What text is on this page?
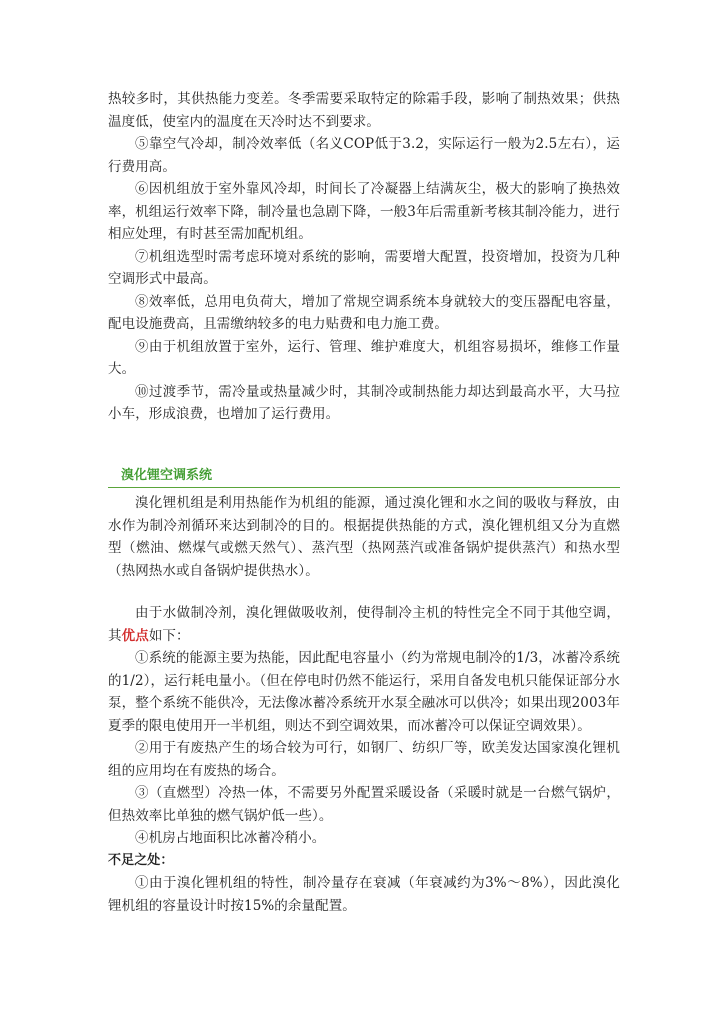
热较多时，其供热能力变差。冬季需要采取特定的除霜手段，影响了制热效果；供热温度低，使室内的温度在天冷时达不到要求。

⑤靠空气冷却，制冷效率低（名义COP低于3.2，实际运行一般为2.5左右），运行费用高。

⑥因机组放于室外靠风冷却，时间长了冷凝器上结满灰尘，极大的影响了换热效率，机组运行效率下降，制冷量也急剧下降，一般3年后需重新考核其制冷能力，进行相应处理，有时甚至需加配机组。

⑦机组选型时需考虑环境对系统的影响，需要增大配置，投资增加，投资为几种空调形式中最高。

⑧效率低，总用电负荷大，增加了常规空调系统本身就较大的变压器配电容量，配电设施费高，且需缴纳较多的电力贴费和电力施工费。

⑨由于机组放置于室外，运行、管理、维护难度大，机组容易损坏，维修工作量大。

⑩过渡季节，需冷量或热量减少时，其制冷或制热能力却达到最高水平，大马拉小车，形成浪费，也增加了运行费用。

溴化锂空调系统

溴化锂机组是利用热能作为机组的能源，通过溴化锂和水之间的吸收与释放，由水作为制冷剂循环来达到制冷的目的。根据提供热能的方式，溴化锂机组又分为直燃型（燃油、燃煤气或燃天然气）、蒸汽型（热网蒸汽或准备锅炉提供蒸汽）和热水型（热网热水或自备锅炉提供热水）。

由于水做制冷剂，溴化锂做吸收剂，使得制冷主机的特性完全不同于其他空调，其优点如下：

①系统的能源主要为热能，因此配电容量小（约为常规电制冷的1/3，冰蓄冷系统的1/2），运行耗电量小。（但在停电时仍然不能运行，采用自备发电机只能保证部分水泵，整个系统不能供冷，无法像冰蓄冷系统开水泵全融冰可以供冷；如果出现2003年夏季的限电使用开一半机组，则达不到空调效果，而冰蓄冷可以保证空调效果）。

②用于有废热产生的场合较为可行，如钢厂、纺织厂等，欧美发达国家溴化锂机组的应用均在有废热的场合。

③（直燃型）冷热一体，不需要另外配置采暖设备（采暖时就是一台燃气锅炉，但热效率比单独的燃气锅炉低一些）。

④机房占地面积比冰蓄冷稍小。

不足之处：

①由于溴化锂机组的特性，制冷量存在衰减（年衰减约为3%～8%），因此溴化锂机组的容量设计时按15%的余量配置。
